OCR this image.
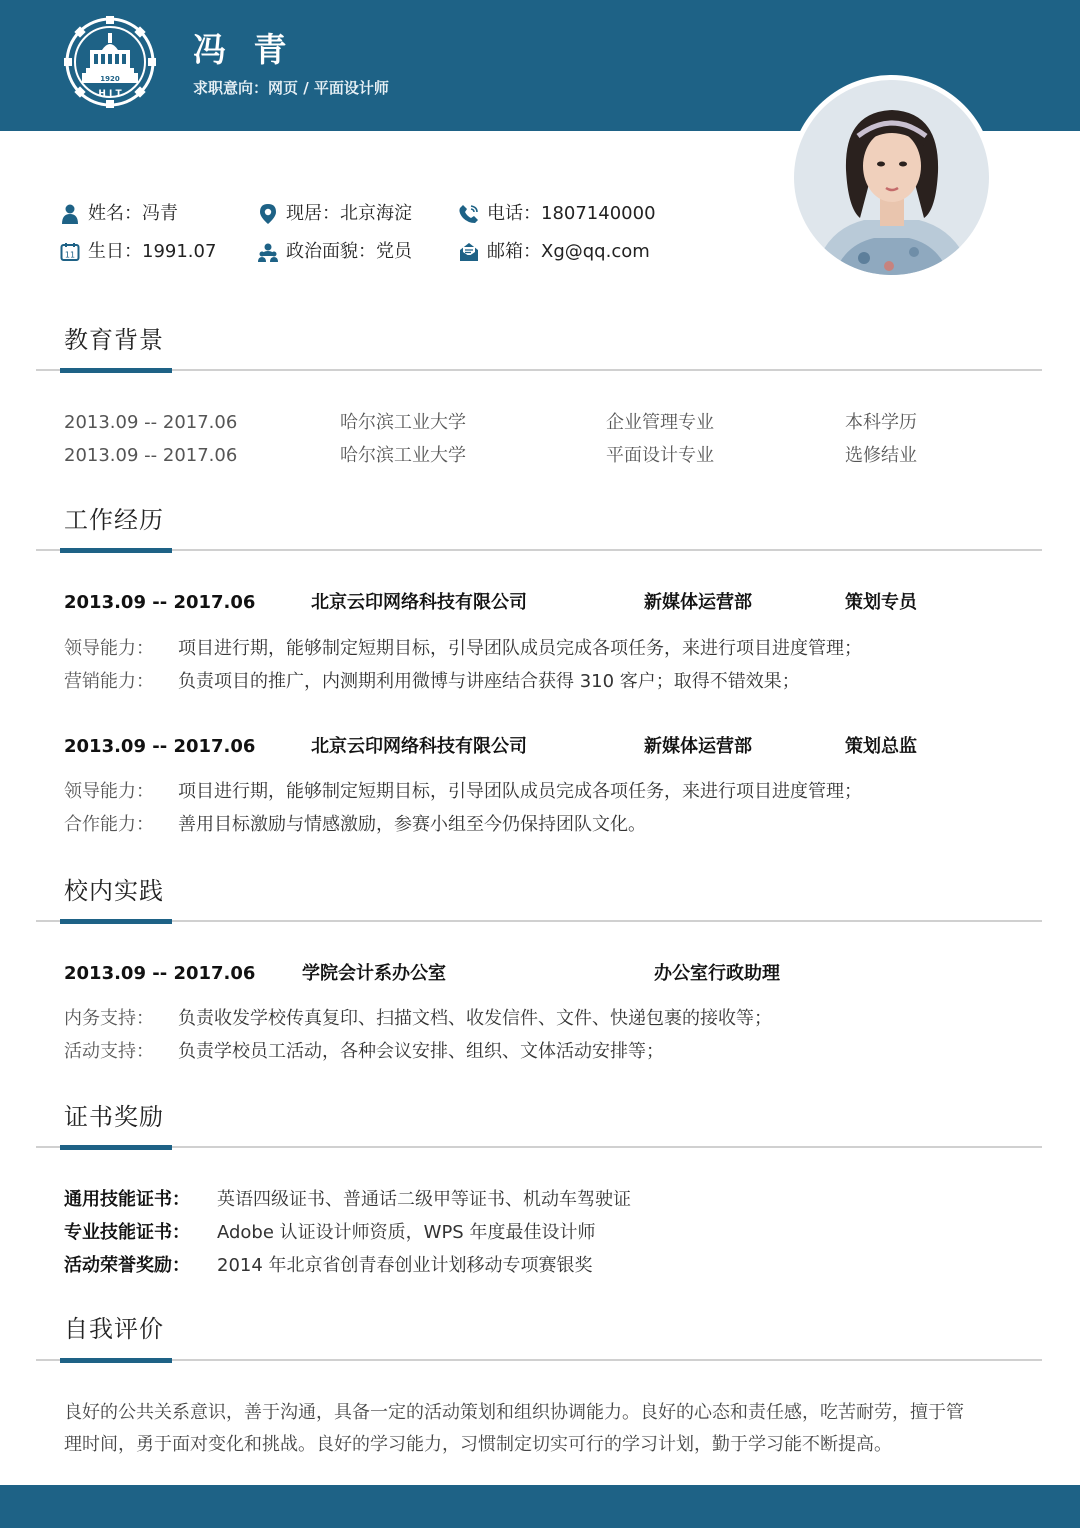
1920
H I T
冯 青
求职意向：网页 / 平面设计师
姓名：冯青
11 生日：1991.07
现居：北京海淀
政治面貌：党员
电话：1807140000
邮箱：Xg@qq.com
教育背景
2013.09 -- 2017.06	哈尔滨工业大学	企业管理专业	本科学历
2013.09 -- 2017.06	哈尔滨工业大学	平面设计专业	选修结业
工作经历
2013.09 -- 2017.06	北京云印网络科技有限公司	新媒体运营部	策划专员
领导能力： 项目进行期，能够制定短期目标，引导团队成员完成各项任务，来进行项目进度管理；
营销能力： 负责项目的推广，内测期利用微博与讲座结合获得 310 客户；取得不错效果；
2013.09 -- 2017.06	北京云印网络科技有限公司	新媒体运营部	策划总监
领导能力： 项目进行期，能够制定短期目标，引导团队成员完成各项任务，来进行项目进度管理；
合作能力： 善用目标激励与情感激励，参赛小组至今仍保持团队文化。
校内实践
2013.09 -- 2017.06	学院会计系办公室	办公室行政助理
内务支持： 负责收发学校传真复印、扫描文档、收发信件、文件、快递包裹的接收等；
活动支持： 负责学校员工活动，各种会议安排、组织、文体活动安排等；
证书奖励
通用技能证书： 英语四级证书、普通话二级甲等证书、机动车驾驶证
专业技能证书： Adobe 认证设计师资质，WPS 年度最佳设计师
活动荣誉奖励： 2014 年北京省创青春创业计划移动专项赛银奖
自我评价
良好的公共关系意识，善于沟通，具备一定的活动策划和组织协调能力。良好的心态和责任感，吃苦耐劳，擅于管
理时间，勇于面对变化和挑战。良好的学习能力，习惯制定切实可行的学习计划，勤于学习能不断提高。
